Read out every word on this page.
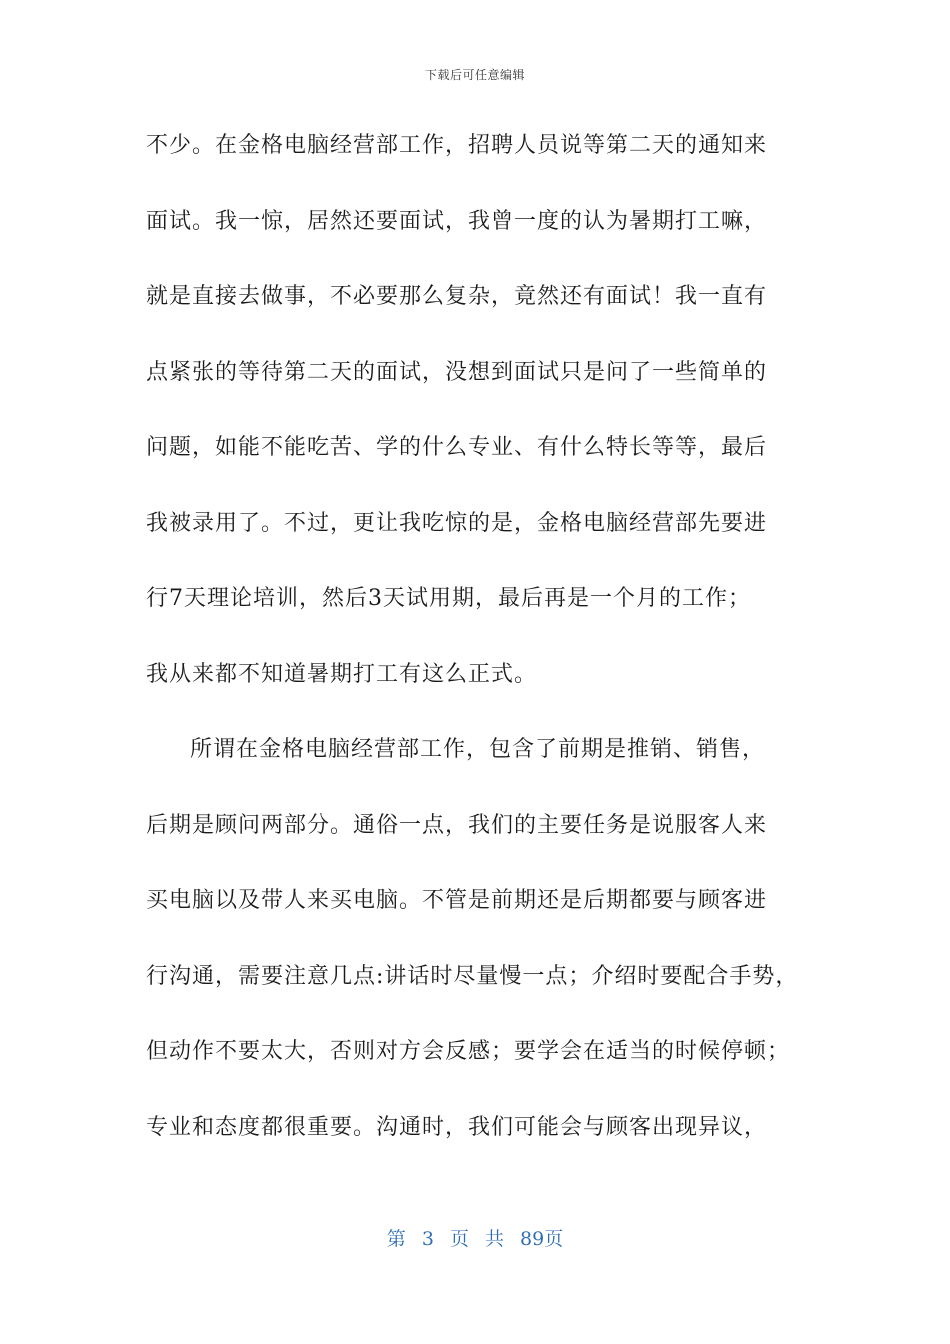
下载后可任意编辑
不少。在金格电脑经营部工作，招聘人员说等第二天的通知来
面试。我一惊，居然还要面试，我曾一度的认为暑期打工嘛，
就是直接去做事，不必要那么复杂，竟然还有面试！我一直有
点紧张的等待第二天的面试，没想到面试只是问了一些简单的
问题，如能不能吃苦、学的什么专业、有什么特长等等，最后
我被录用了。不过，更让我吃惊的是，金格电脑经营部先要进
行7天理论培训，然后3天试用期，最后再是一个月的工作；
我从来都不知道暑期打工有这么正式。
所谓在金格电脑经营部工作，包含了前期是推销、销售，
后期是顾问两部分。通俗一点，我们的主要任务是说服客人来
买电脑以及带人来买电脑。不管是前期还是后期都要与顾客进
行沟通，需要注意几点:讲话时尽量慢一点；介绍时要配合手势，
但动作不要太大，否则对方会反感；要学会在适当的时候停顿；
专业和态度都很重要。沟通时，我们可能会与顾客出现异议，
第 3 页 共 89页
